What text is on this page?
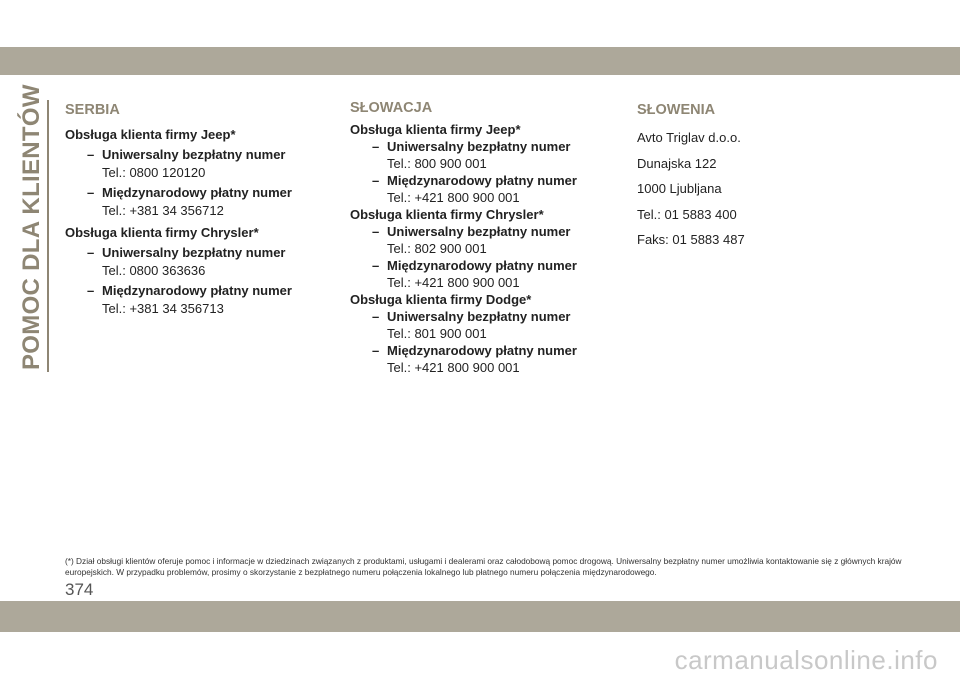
POMOC DLA KLIENTÓW SERBIA

Obsługa klienta firmy Jeep*

– Uniwersalny bezpłatny numer

Tel.: 0800 120120

– Międzynarodowy płatny numer

Tel.: +381 34 356712

Obsługa klienta firmy Chrysler*

– Uniwersalny bezpłatny numer

Tel.: 0800 363636

– Międzynarodowy płatny numer

Tel.: +381 34 356713

SŁOWACJA

Obsługa klienta firmy Jeep*

– Uniwersalny bezpłatny numer

Tel.: 800 900 001

– Międzynarodowy płatny numer

Tel.: +421 800 900 001

Obsługa klienta firmy Chrysler*

– Uniwersalny bezpłatny numer

Tel.: 802 900 001

– Międzynarodowy płatny numer

Tel.: +421 800 900 001

Obsługa klienta firmy Dodge*

– Uniwersalny bezpłatny numer

Tel.: 801 900 001

– Międzynarodowy płatny numer

Tel.: +421 800 900 001

SŁOWENIA

Avto Triglav d.o.o.

Dunajska 122

1000 Ljubljana

Tel.: 01 5883 400

Faks: 01 5883 487

(*) Dział obsługi klientów oferuje pomoc i informacje w dziedzinach związanych z produktami, usługami i dealerami oraz całodobową pomoc drogową. Uniwersalny bezpłatny numer umożliwia kontaktowanie się z głównych krajów europejskich. W przypadku problemów, prosimy o skorzystanie z bezpłatnego numeru połączenia lokalnego lub płatnego numeru połączenia międzynarodowego.
374
carmanualsonline.info
